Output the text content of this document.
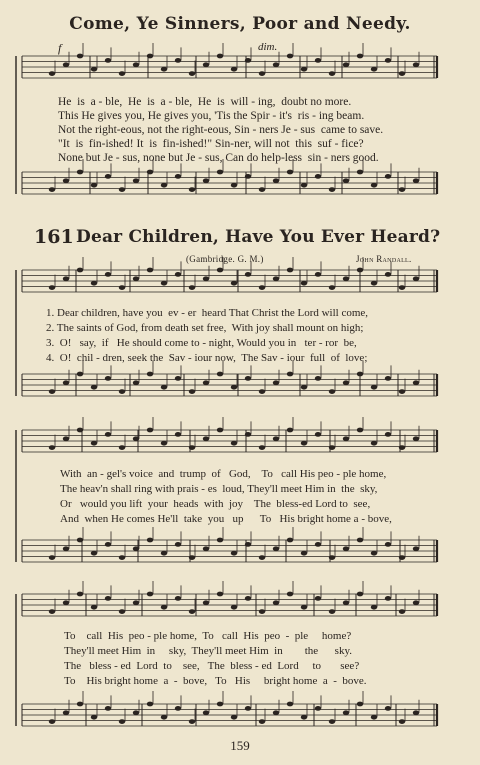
Come, Ye Sinners, Poor and Needy.
f	dim.
He  is  a - ble,  He  is  a - ble,  He  is  will - ing,  doubt no more.
This He gives you, He gives you, 'Tis the Spir - it's  ris - ing beam.
Not the right-eous, not the right-eous, Sin - ners Je - sus  came to save.
"It  is  fin-ished! It  is  fin-ished!" Sin-ner, will not  this  suf - fice?
None but Je - sus, none but Je - sus, Can do help-less  sin - ners good.
161 Dear Children, Have You Ever Heard?
(Gambridge. G. M.)	John Randall.
1. Dear children, have you  ev - er  heard That Christ the Lord will come,
2. The saints of God, from death set free,  With joy shall mount on high;
3.  O!   say,  if   He should come to - night, Would you in   ter - ror  be,
4.  O!  chil - dren, seek the  Sav - iour now,  The Sav - iour  full  of  love;
With  an - gel's voice  and  trump  of   God,    To   call His peo - ple home,
The heav'n shall ring with prais - es  loud, They'll meet Him in  the  sky,
Or   would you lift  your  heads  with  joy    The  bless-ed Lord to  see,
And  when He comes He'll  take  you   up      To   His bright home a - bove,
To    call  His  peo - ple home,  To   call  His  peo  -  ple     home?
They'll meet Him  in     sky,  They'll meet Him  in        the      sky.
The   bless - ed  Lord  to    see,   The  bless - ed  Lord     to       see?
To    His bright home  a  -  bove,   To   His     bright home  a  -  bove.
159
